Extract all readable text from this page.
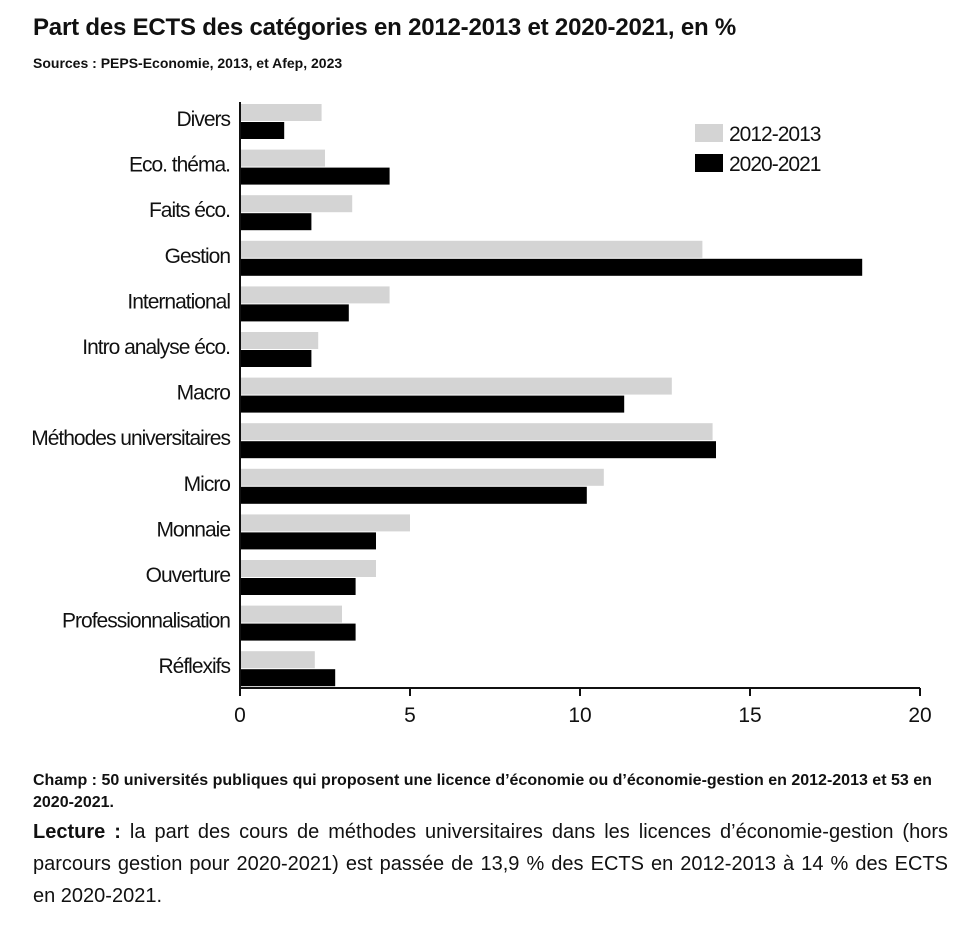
Part des ECTS des catégories en 2012-2013 et 2020-2021, en %
Sources : PEPS-Economie, 2013, et Afep, 2023
Divers
Eco. théma.
Faits éco.
Gestion
International
Intro analyse éco.
Macro
Méthodes universitaires
Micro
Monnaie
Ouverture
Professionnalisation
Réflexifs
0	5	10	15	20
2012-2013
2020-2021
Champ : 50 universités publiques qui proposent une licence d’économie ou d’économie-gestion en 2012-2013 et 53 en 2020-2021.
Lecture : la part des cours de méthodes universitaires dans les licences d’économie-gestion (hors parcours gestion pour 2020-2021) est passée de 13,9 % des ECTS en 2012-2013 à 14 % des ECTS en 2020-2021.
